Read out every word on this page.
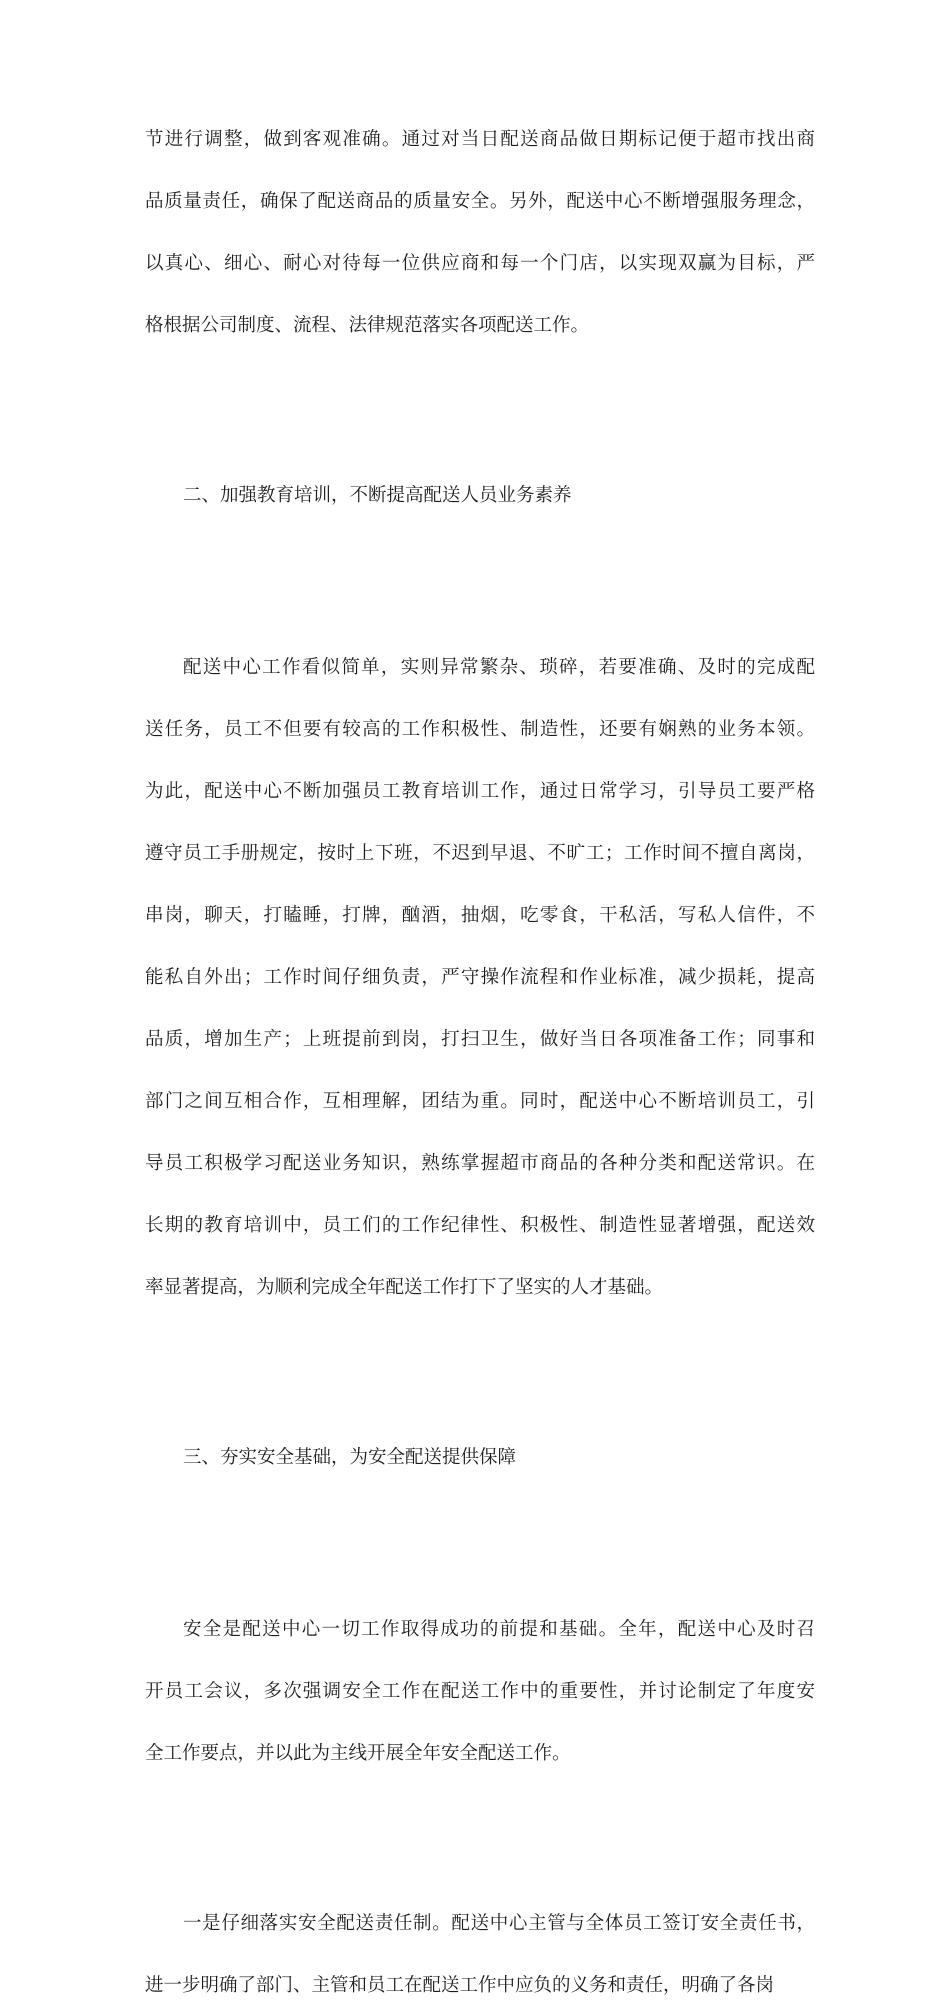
节进行调整，做到客观准确。通过对当日配送商品做日期标记便于超市找出商
品质量责任，确保了配送商品的质量安全。另外，配送中心不断增强服务理念，
以真心、细心、耐心对待每一位供应商和每一个门店，以实现双赢为目标，严
格根据公司制度、流程、法律规范落实各项配送工作。
二、加强教育培训，不断提高配送人员业务素养
配送中心工作看似简单，实则异常繁杂、琐碎，若要准确、及时的完成配
送任务，员工不但要有较高的工作积极性、制造性，还要有娴熟的业务本领。
为此，配送中心不断加强员工教育培训工作，通过日常学习，引导员工要严格
遵守员工手册规定，按时上下班，不迟到早退、不旷工；工作时间不擅自离岗，
串岗，聊天，打瞌睡，打牌，酗酒，抽烟，吃零食，干私活，写私人信件，不
能私自外出；工作时间仔细负责，严守操作流程和作业标准，减少损耗，提高
品质，增加生产；上班提前到岗，打扫卫生，做好当日各项准备工作；同事和
部门之间互相合作，互相理解，团结为重。同时，配送中心不断培训员工，引
导员工积极学习配送业务知识，熟练掌握超市商品的各种分类和配送常识。在
长期的教育培训中，员工们的工作纪律性、积极性、制造性显著增强，配送效
率显著提高，为顺利完成全年配送工作打下了坚实的人才基础。
三、夯实安全基础，为安全配送提供保障
安全是配送中心一切工作取得成功的前提和基础。全年，配送中心及时召
开员工会议，多次强调安全工作在配送工作中的重要性，并讨论制定了年度安
全工作要点，并以此为主线开展全年安全配送工作。
一是仔细落实安全配送责任制。配送中心主管与全体员工签订安全责任书，
进一步明确了部门、主管和员工在配送工作中应负的义务和责任，明确了各岗
